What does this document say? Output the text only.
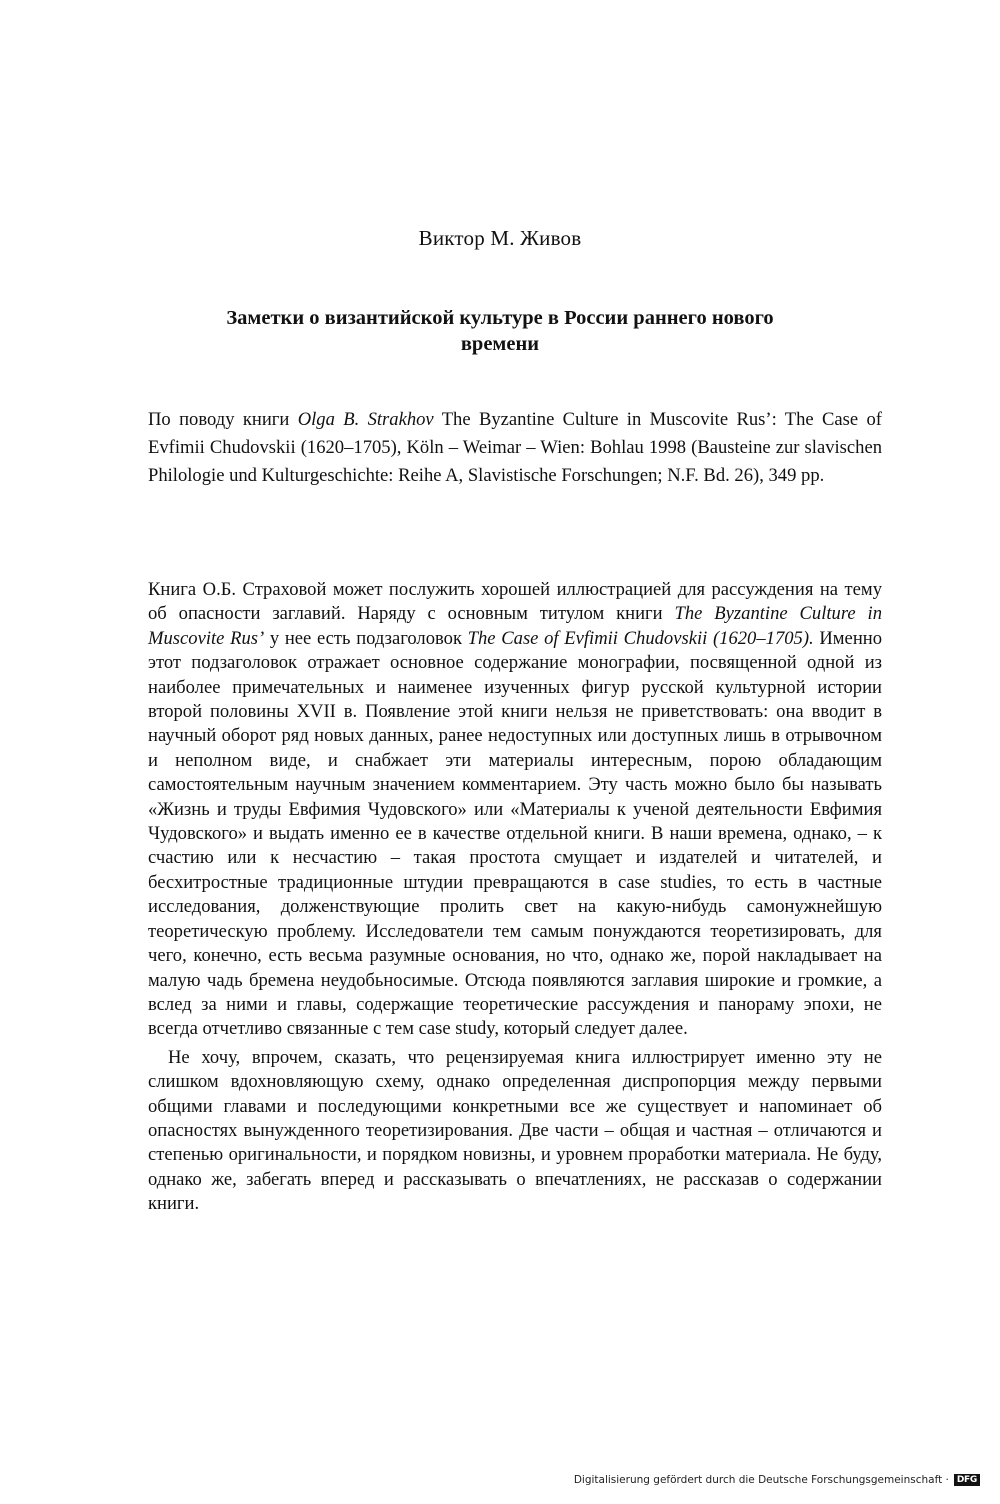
Виктор М. Живов
Заметки о византийской культуре в России раннего нового
времени
По поводу книги Olga B. Strakhov The Byzantine Culture in Muscovite Rus’: The Case of Evfimii Chudovskii (1620–1705), Köln – Weimar – Wien: Bohlau 1998 (Bausteine zur slavischen Philologie und Kulturgeschichte: Reihe A, Slavistische Forschungen; N.F. Bd. 26), 349 pp.

Книга О.Б. Страховой может послужить хорошей иллюстрацией для рассуждения на тему об опасности заглавий. Наряду с основным титулом книги The Byzantine Culture in Muscovite Rus’ у нее есть подзаголовок The Case of Evfimii Chudovskii (1620–1705). Именно этот подзаголовок отражает основное содержание монографии, посвященной одной из наиболее примечательных и наименее изученных фигур русской культурной истории второй половины XVII в. Появление этой книги нельзя не приветствовать: она вводит в научный оборот ряд новых данных, ранее недоступных или доступных лишь в отрывочном и неполном виде, и снабжает эти материалы интересным, порою обладающим самостоятельным научным значением комментарием. Эту часть можно было бы называть «Жизнь и труды Евфимия Чудовского» или «Материалы к ученой деятельности Евфимия Чудовского» и выдать именно ее в качестве отдельной книги. В наши времена, однако, – к счастию или к несчастию – такая простота смущает и издателей и читателей, и бесхитростные традиционные штудии превращаются в case studies, то есть в частные исследования, долженствующие пролить свет на какую-нибудь самонужнейшую теоретическую проблему. Исследователи тем самым понуждаются теоретизировать, для чего, конечно, есть весьма разумные основания, но что, однако же, порой накладывает на малую чадь бремена неудобьносимые. Отсюда появляются заглавия широкие и громкие, а вслед за ними и главы, содержащие теоретические рассуждения и панораму эпохи, не всегда отчетливо связанные с тем case study, который следует далее.

Не хочу, впрочем, сказать, что рецензируемая книга иллюстрирует именно эту не слишком вдохновляющую схему, однако определенная диспропорция между первыми общими главами и последующими конкретными все же существует и напоминает об опасностях вынужденного теоретизирования. Две части – общая и частная – отличаются и степенью оригинальности, и порядком новизны, и уровнем проработки материала. Не буду, однако же, забегать вперед и рассказывать о впечатлениях, не рассказав о содержании книги.

Digitalisierung gefördert durch die Deutsche Forschungsgemeinschaft · DFG
